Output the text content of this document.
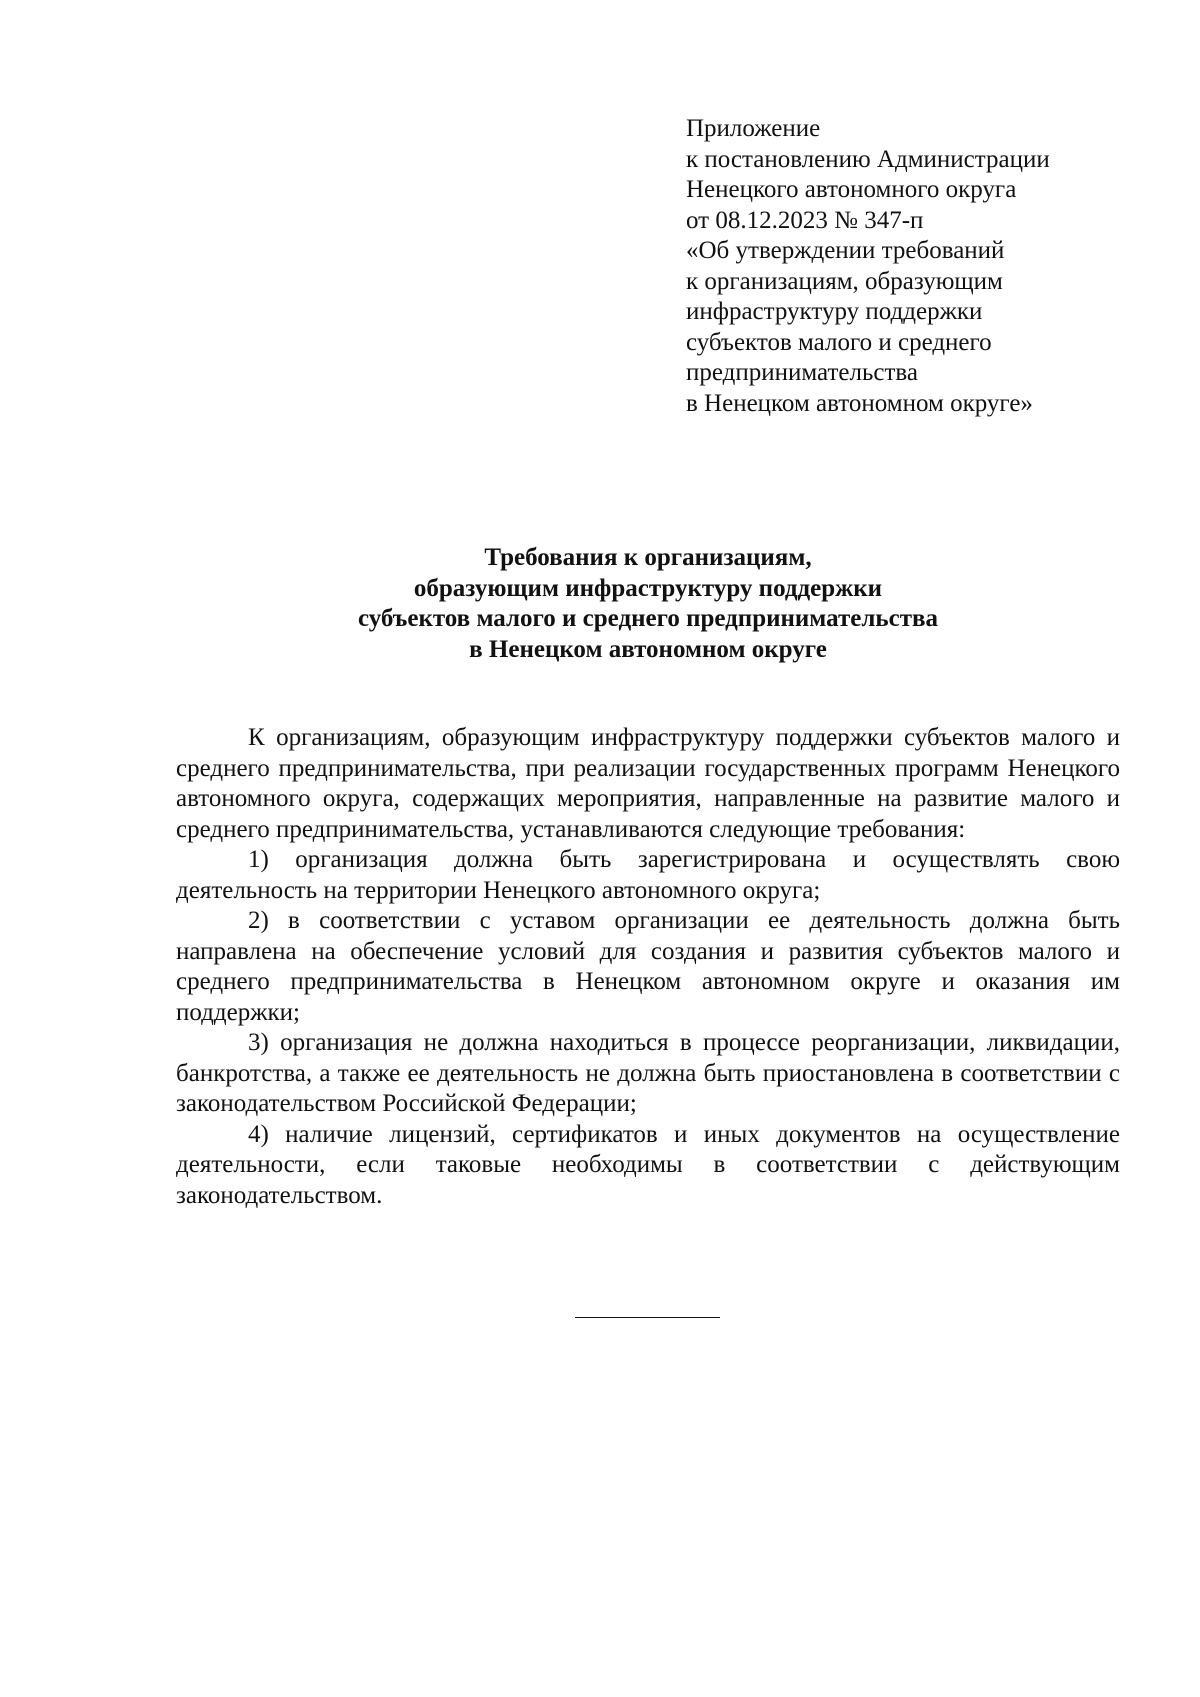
Приложение
к постановлению Администрации
Ненецкого автономного округа
от 08.12.2023 № 347-п
«Об утверждении требований
к организациям, образующим
инфраструктуру поддержки
субъектов малого и среднего
предпринимательства
в Ненецком автономном округе»
Требования к организациям,
образующим инфраструктуру поддержки
субъектов малого и среднего предпринимательства
в Ненецком автономном округе

К организациям, образующим инфраструктуру поддержки субъектов малого и среднего предпринимательства, при реализации государственных программ Ненецкого автономного округа, содержащих мероприятия, направленные на развитие малого и среднего предпринимательства, устанавливаются следующие требования:

1) организация должна быть зарегистрирована и осуществлять свою деятельность на территории Ненецкого автономного округа;

2) в соответствии с уставом организации ее деятельность должна быть направлена на обеспечение условий для создания и развития субъектов малого и среднего предпринимательства в Ненецком автономном округе и оказания им поддержки;

3) организация не должна находиться в процессе реорганизации, ликвидации, банкротства, а также ее деятельность не должна быть приостановлена в соответствии с законодательством Российской Федерации;

4) наличие лицензий, сертификатов и иных документов на осуществление деятельности, если таковые необходимы в соответствии с действующим законодательством.
